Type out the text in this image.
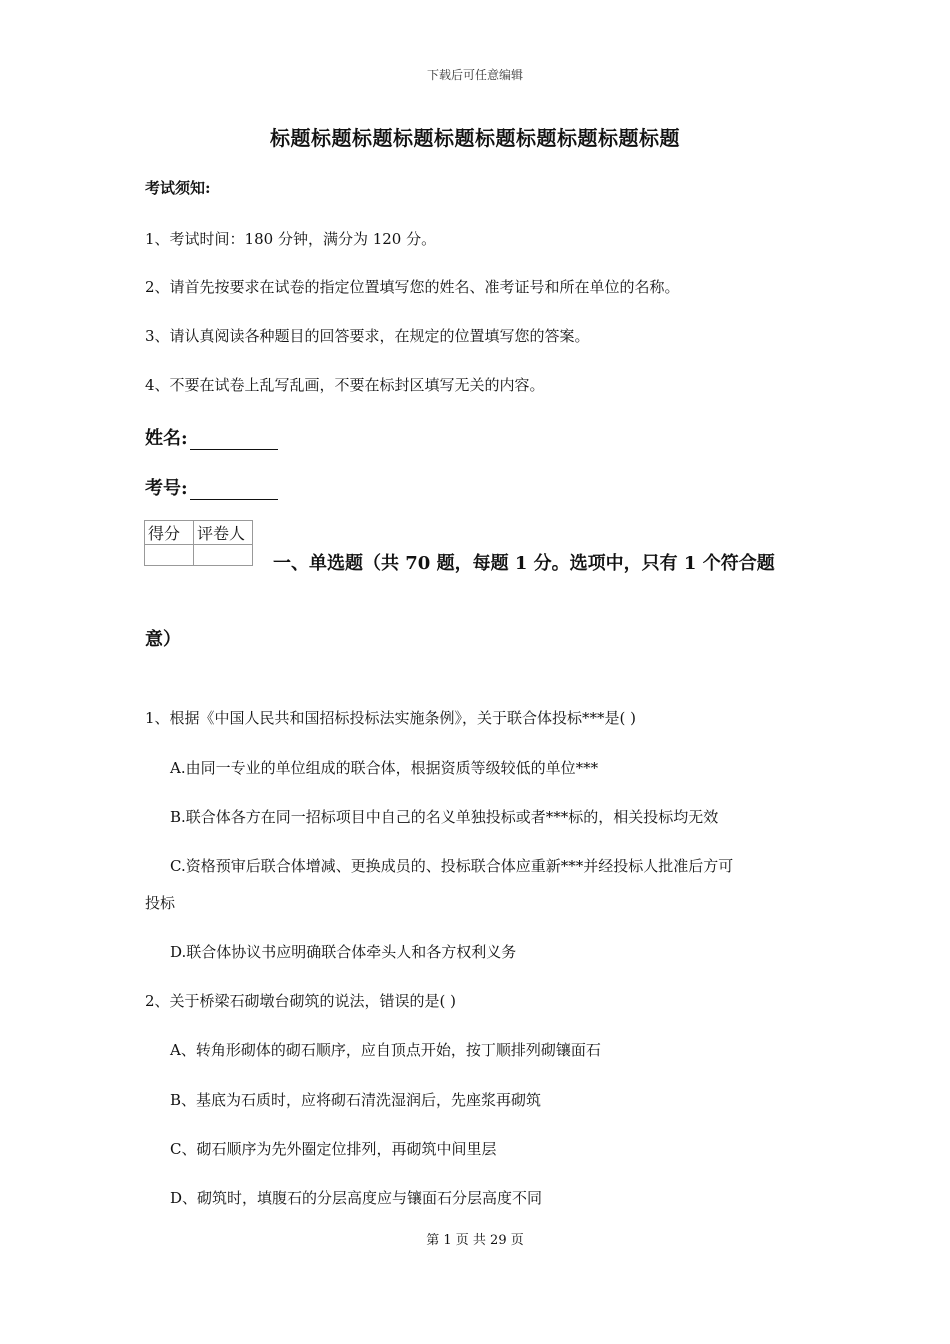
下载后可任意编辑
标题标题标题标题标题标题标题标题标题标题
考试须知:
1、考试时间：180 分钟，满分为 120 分。
2、请首先按要求在试卷的指定位置填写您的姓名、准考证号和所在单位的名称。
3、请认真阅读各种题目的回答要求，在规定的位置填写您的答案。
4、不要在试卷上乱写乱画，不要在标封区填写无关的内容。
姓名:
考号:
得分	评卷人

一、单选题（共 70 题，每题 1 分。选项中，只有 1 个符合题
意）
1、根据《中国人民共和国招标投标法实施条例》，关于联合体投标***是( )
A.由同一专业的单位组成的联合体，根据资质等级较低的单位***
B.联合体各方在同一招标项目中自己的名义单独投标或者***标的，相关投标均无效
C.资格预审后联合体增减、更换成员的、投标联合体应重新***并经投标人批准后方可
投标
D.联合体协议书应明确联合体牵头人和各方权利义务
2、关于桥梁石砌墩台砌筑的说法，错误的是( )
A、转角形砌体的砌石顺序，应自顶点开始，按丁顺排列砌镶面石
B、基底为石质时，应将砌石清洗湿润后，先座浆再砌筑
C、砌石顺序为先外圈定位排列，再砌筑中间里层
D、砌筑时，填腹石的分层高度应与镶面石分层高度不同
第 1 页 共 29 页
